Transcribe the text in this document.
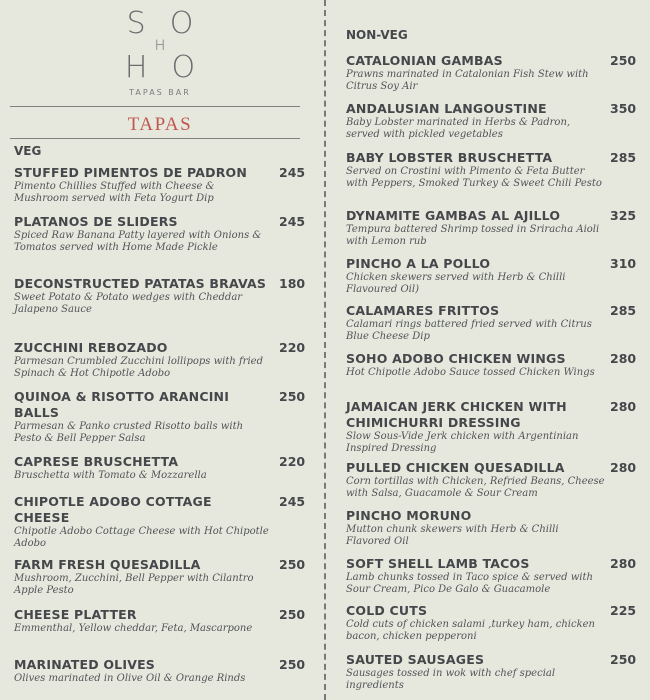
SO
H
HO
TAPAS BAR
TAPAS
VEG
STUFFED PIMENTOS DE PADRON
Pimento Chillies Stuffed with Cheese & Mushroom served with Feta Yogurt Dip
245
PLATANOS DE SLIDERS
Spiced Raw Banana Patty layered with Onions & Tomatos served with Home Made Pickle
245
DECONSTRUCTED PATATAS BRAVAS
Sweet Potato & Potato wedges with Cheddar Jalapeno Sauce
180
ZUCCHINI REBOZADO
Parmesan Crumbled Zucchini lollipops with fried Spinach & Hot Chipotle Adobo
220
QUINOA & RISOTTO ARANCINI BALLS
Parmesan & Panko crusted Risotto balls with Pesto & Bell Pepper Salsa
250
CAPRESE BRUSCHETTA
Bruschetta with Tomato & Mozzarella
220
CHIPOTLE ADOBO COTTAGE CHEESE
Chipotle Adobo Cottage Cheese with Hot Chipotle Adobo
245
FARM FRESH QUESADILLA
Mushroom, Zucchini, Bell Pepper with Cilantro Apple Pesto
250
CHEESE PLATTER
Emmenthal, Yellow cheddar, Feta, Mascarpone
250
MARINATED OLIVES
Olives marinated in Olive Oil & Orange Rinds
250
NON-VEG
CATALONIAN GAMBAS
Prawns marinated in Catalonian Fish Stew with Citrus Soy Air
250
ANDALUSIAN LANGOUSTINE
Baby Lobster marinated in Herbs & Padron, served with pickled vegetables
350
BABY LOBSTER BRUSCHETTA
Served on Crostini with Pimento & Feta Butter with Peppers, Smoked Turkey & Sweet Chili Pesto
285
DYNAMITE GAMBAS AL AJILLO
Tempura battered Shrimp tossed in Sriracha Aioli with Lemon rub
325
PINCHO A LA POLLO
Chicken skewers served with Herb & Chilli Flavoured Oil)
310
CALAMARES FRITTOS
Calamari rings battered fried served with Citrus Blue Cheese Dip
285
SOHO ADOBO CHICKEN WINGS
Hot Chipotle Adobo Sauce tossed Chicken Wings
280
JAMAICAN JERK CHICKEN WITH CHIMICHURRI DRESSING
Slow Sous-Vide Jerk chicken with Argentinian Inspired Dressing
280
PULLED CHICKEN QUESADILLA
Corn tortillas with Chicken, Refried Beans, Cheese with Salsa, Guacamole & Sour Cream
280
PINCHO MORUNO
Mutton chunk skewers with Herb & Chilli Flavored Oil
SOFT SHELL LAMB TACOS
Lamb chunks tossed in Taco spice & served with Sour Cream, Pico De Galo & Guacamole
280
COLD CUTS
Cold cuts of chicken salami ,turkey ham, chicken bacon, chicken pepperoni
225
SAUTED SAUSAGES
Sausages tossed in wok with chef special ingredients
250
